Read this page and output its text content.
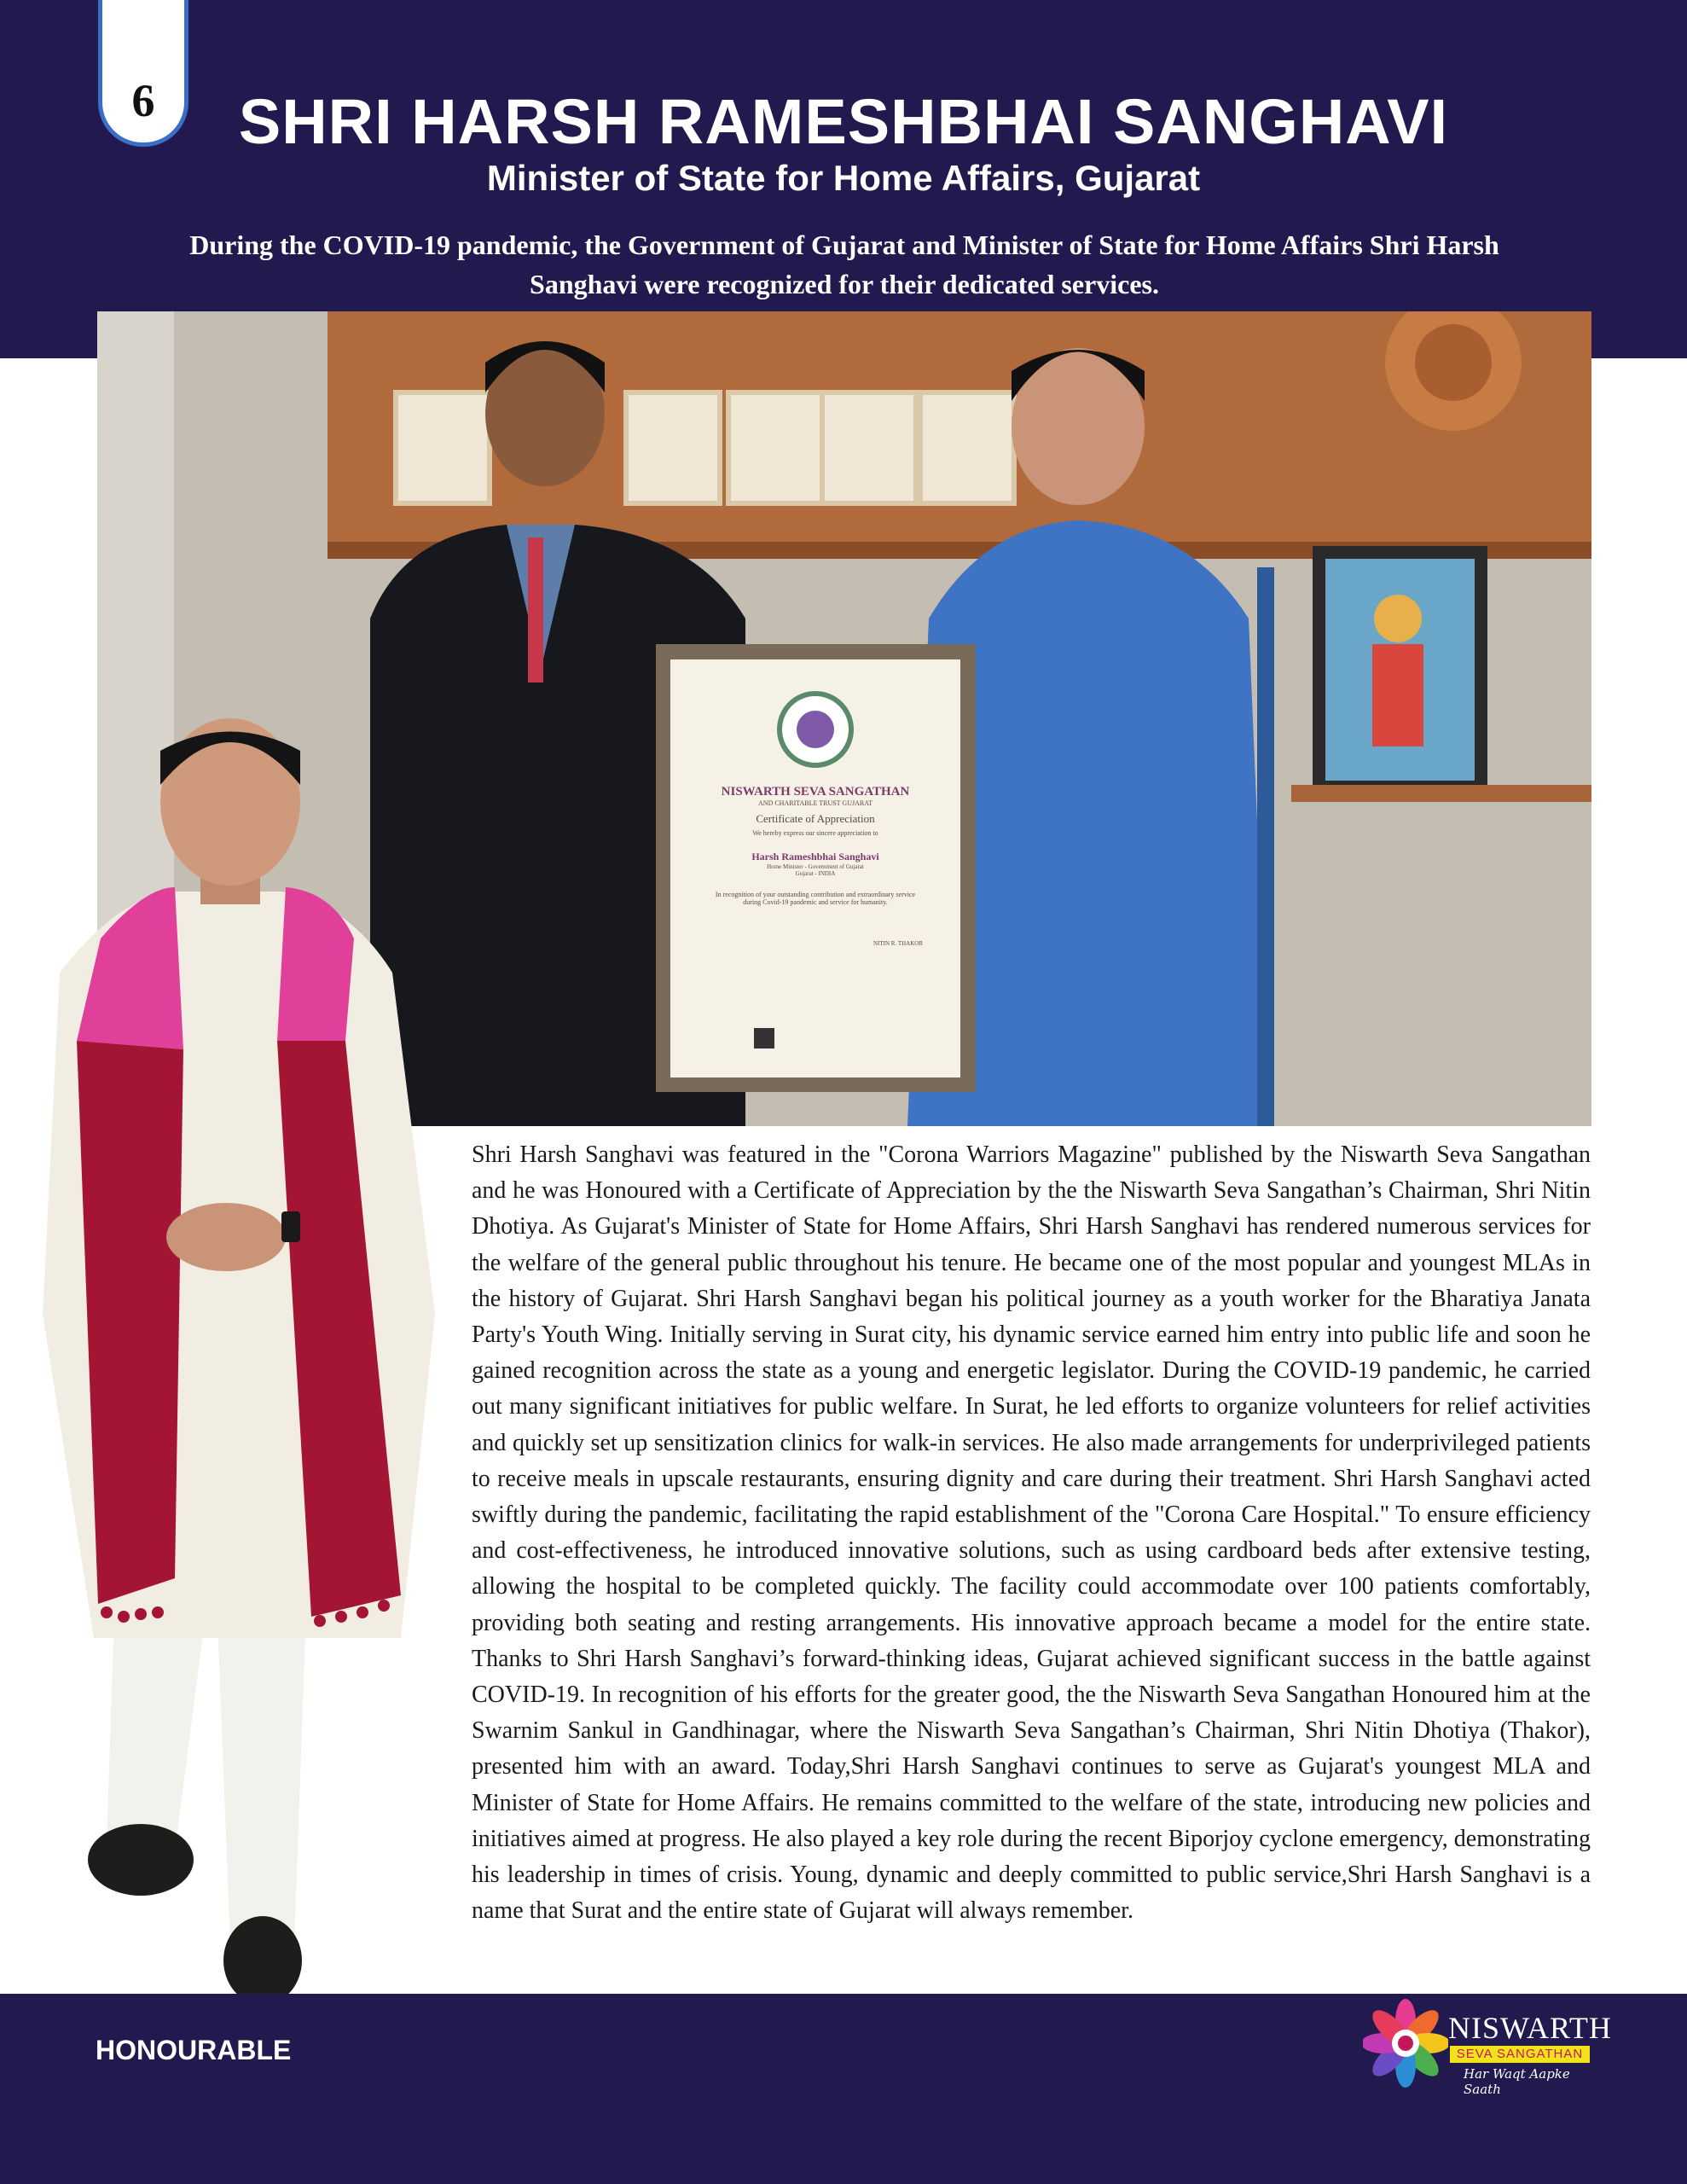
6	SHRI HARSH RAMESHBHAI SANGHAVI
Minister of State for Home Affairs, Gujarat
During the COVID-19 pandemic, the Government of Gujarat and Minister of State for Home Affairs Shri Harsh Sanghavi were recognized for their dedicated services.
NISWARTH SEVA SANGATHAN
AND CHARITABLE TRUST GUJARAT
Certificate of Appreciation
We hereby express our sincere appreciation to
Harsh Rameshbhai Sanghavi
Home Minister - Government of Gujarat
Gujarat - INDIA
In recognition of your outstanding contribution and extraordinary service during Covid-19 pandemic and service for humanity.
NITIN R. THAKOR
Shri Harsh Sanghavi was featured in the "Corona Warriors Magazine" published by the Niswarth Seva Sangathan and he was Honoured with a Certificate of Appreciation by the the Niswarth Seva Sangathan’s Chairman, Shri Nitin Dhotiya. As Gujarat's Minister of State for Home Affairs, Shri Harsh Sanghavi has rendered numerous services for the welfare of the general public throughout his tenure. He became one of the most popular and youngest MLAs in the history of Gujarat. Shri Harsh Sanghavi began his political journey as a youth worker for the Bharatiya Janata Party's Youth Wing. Initially serving in Surat city, his dynamic service earned him entry into public life and soon he gained recognition across the state as a young and energetic legislator. During the COVID-19 pandemic, he carried out many significant initiatives for public welfare. In Surat, he led efforts to organize volunteers for relief activities and quickly set up sensitization clinics for walk-in services. He also made arrangements for underprivileged patients to receive meals in upscale restaurants, ensuring dignity and care during their treatment. Shri Harsh Sanghavi acted swiftly during the pandemic, facilitating the rapid establishment of the "Corona Care Hospital." To ensure efficiency and cost-effectiveness, he introduced innovative solutions, such as using cardboard beds after extensive testing, allowing the hospital to be completed quickly. The facility could accommodate over 100 patients comfortably, providing both seating and resting arrangements. His innovative approach became a model for the entire state. Thanks to Shri Harsh Sanghavi’s forward-thinking ideas, Gujarat achieved significant success in the battle against COVID-19. In recognition of his efforts for the greater good, the the Niswarth Seva Sangathan Honoured him at the Swarnim Sankul in Gandhinagar, where the Niswarth Seva Sangathan’s Chairman, Shri Nitin Dhotiya (Thakor), presented him with an award. Today,Shri Harsh Sanghavi continues to serve as Gujarat's youngest MLA and Minister of State for Home Affairs. He remains committed to the welfare of the state, introducing new policies and initiatives aimed at progress. He also played a key role during the recent Biporjoy cyclone emergency, demonstrating his leadership in times of crisis. Young, dynamic and deeply committed to public service,Shri Harsh Sanghavi is a name that Surat and the entire state of Gujarat will always remember.
HONOURABLE
NISWARTH
SEVA SANGATHAN
Har Waqt Aapke Saath
